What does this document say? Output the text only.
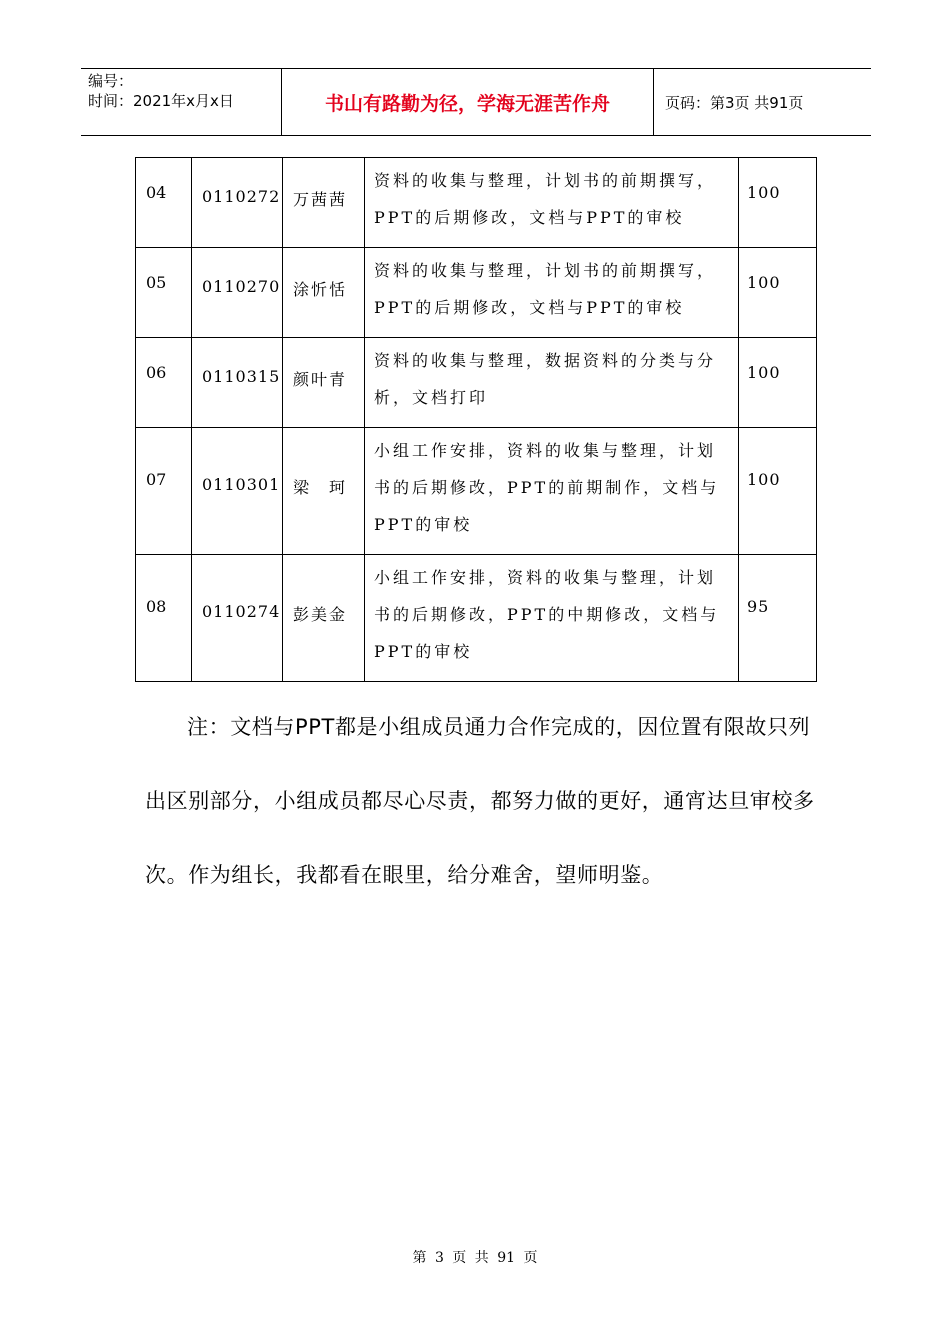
编号：
时间：2021年x月x日	书山有路勤为径，学海无涯苦作舟	页码：第3页 共91页
04	0110272	万茜茜	资料的收集与整理，计划书的前期撰写，PPT的后期修改，文档与PPT的审校	100
05	0110270	涂忻恬	资料的收集与整理，计划书的前期撰写，PPT的后期修改，文档与PPT的审校	100
06	0110315	颜叶青	资料的收集与整理，数据资料的分类与分析，文档打印	100
07	0110301	梁　珂	小组工作安排，资料的收集与整理，计划书的后期修改，PPT的前期制作，文档与PPT的审校	100
08	0110274	彭美金	小组工作安排，资料的收集与整理，计划书的后期修改，PPT的中期修改，文档与PPT的审校	95

注：文档与PPT都是小组成员通力合作完成的，因位置有限故只列出区别部分，小组成员都尽心尽责，都努力做的更好，通宵达旦审校多次。作为组长，我都看在眼里，给分难舍，望师明鉴。

第 3 页 共 91 页
